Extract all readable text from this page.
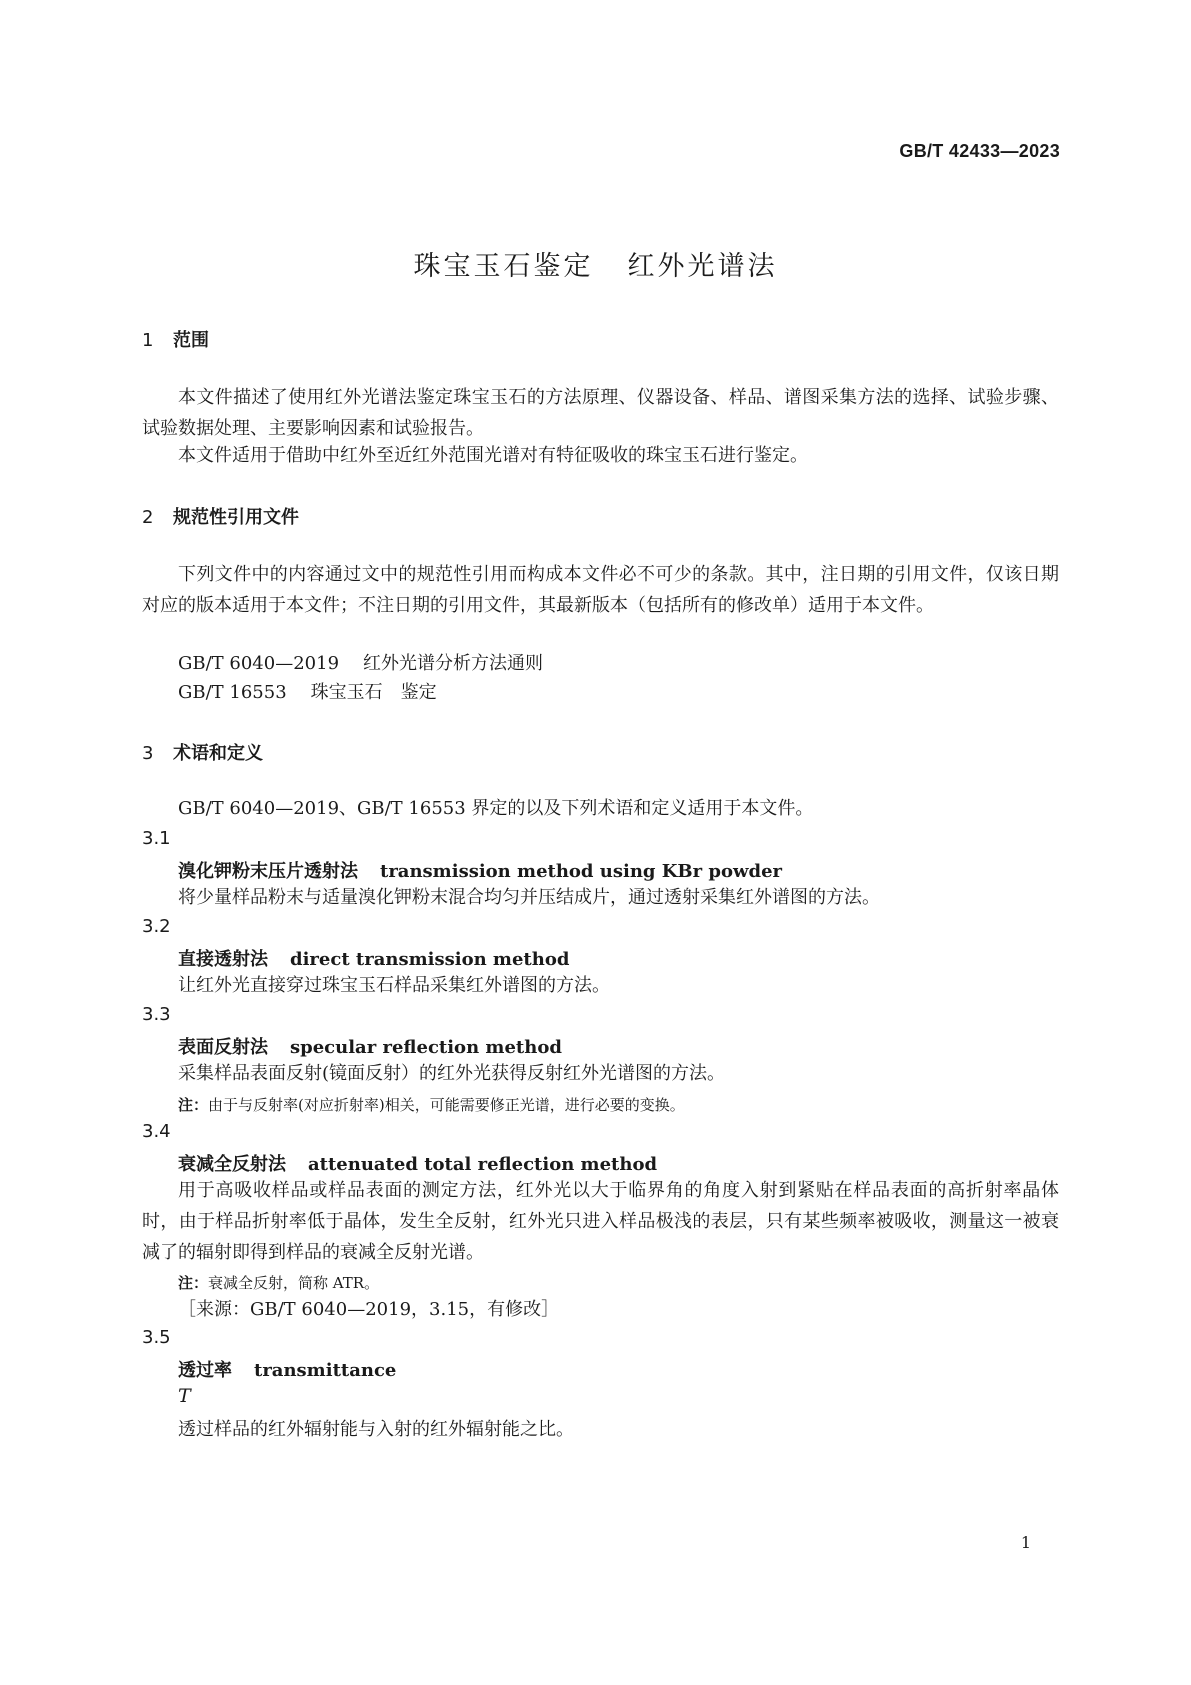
GB/T 42433—2023
珠宝玉石鉴定 红外光谱法
1 范围
本文件描述了使用红外光谱法鉴定珠宝玉石的方法原理、仪器设备、样品、谱图采集方法的选择、试验步骤、试验数据处理、主要影响因素和试验报告。
本文件适用于借助中红外至近红外范围光谱对有特征吸收的珠宝玉石进行鉴定。
2 规范性引用文件
下列文件中的内容通过文中的规范性引用而构成本文件必不可少的条款。其中，注日期的引用文件，仅该日期对应的版本适用于本文件；不注日期的引用文件，其最新版本（包括所有的修改单）适用于本文件。
GB/T 6040—2019 红外光谱分析方法通则
GB/T 16553 珠宝玉石　鉴定
3 术语和定义
GB/T 6040—2019、GB/T 16553 界定的以及下列术语和定义适用于本文件。
3.1
溴化钾粉末压片透射法 transmission method using KBr powder
将少量样品粉末与适量溴化钾粉末混合均匀并压结成片，通过透射采集红外谱图的方法。
3.2
直接透射法 direct transmission method
让红外光直接穿过珠宝玉石样品采集红外谱图的方法。
3.3
表面反射法 specular reflection method
采集样品表面反射(镜面反射）的红外光获得反射红外光谱图的方法。
注：由于与反射率(对应折射率)相关，可能需要修正光谱，进行必要的变换。
3.4
衰减全反射法 attenuated total reflection method
用于高吸收样品或样品表面的测定方法，红外光以大于临界角的角度入射到紧贴在样品表面的高折射率晶体时，由于样品折射率低于晶体，发生全反射，红外光只进入样品极浅的表层，只有某些频率被吸收，测量这一被衰减了的辐射即得到样品的衰减全反射光谱。
注：衰减全反射，简称 ATR。
［来源：GB/T 6040—2019，3.15，有修改］
3.5
透过率 transmittance
T
透过样品的红外辐射能与入射的红外辐射能之比。
1
